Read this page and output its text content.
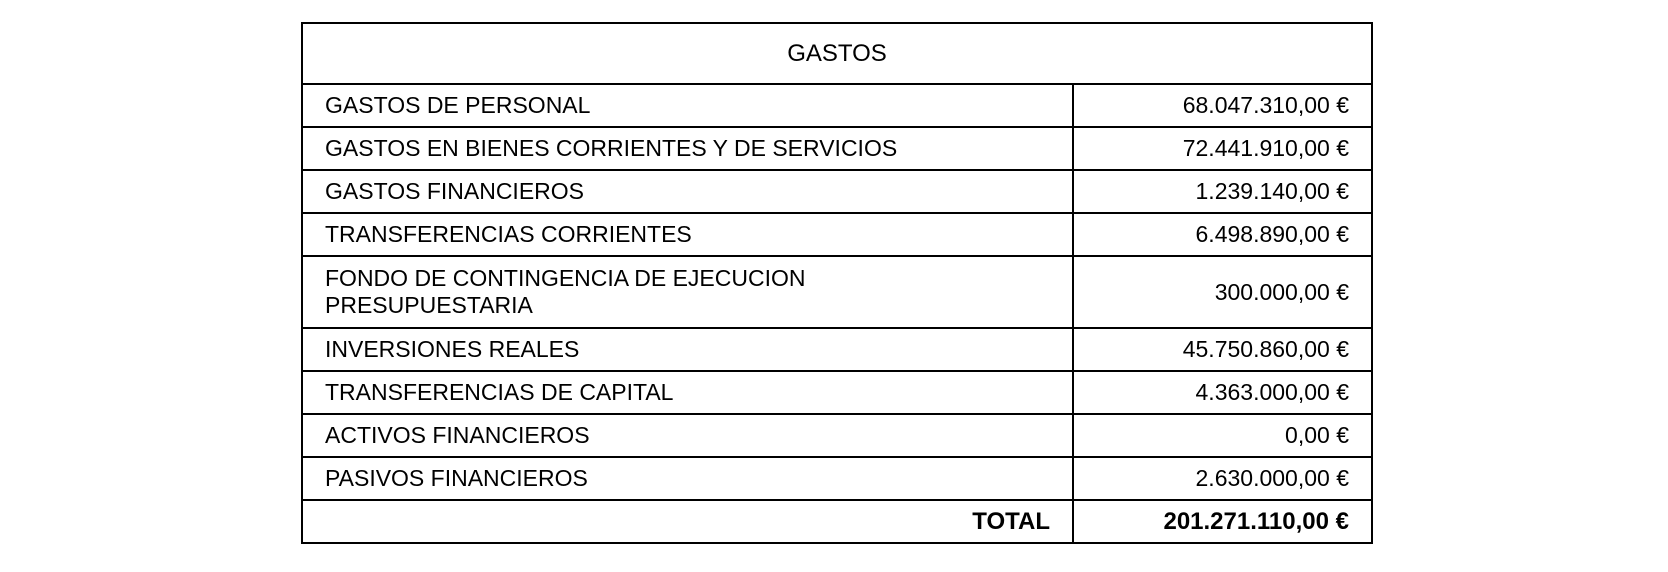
GASTOS	
GASTOS DE PERSONAL	68.047.310,00 €
GASTOS EN BIENES CORRIENTES Y DE SERVICIOS	72.441.910,00 €
GASTOS FINANCIEROS	1.239.140,00 €
TRANSFERENCIAS CORRIENTES	6.498.890,00 €
FONDO DE CONTINGENCIA DE EJECUCION PRESUPUESTARIA	300.000,00 €
INVERSIONES REALES	45.750.860,00 €
TRANSFERENCIAS DE CAPITAL	4.363.000,00 €
ACTIVOS FINANCIEROS	0,00 €
PASIVOS FINANCIEROS	2.630.000,00 €
TOTAL	201.271.110,00 €
